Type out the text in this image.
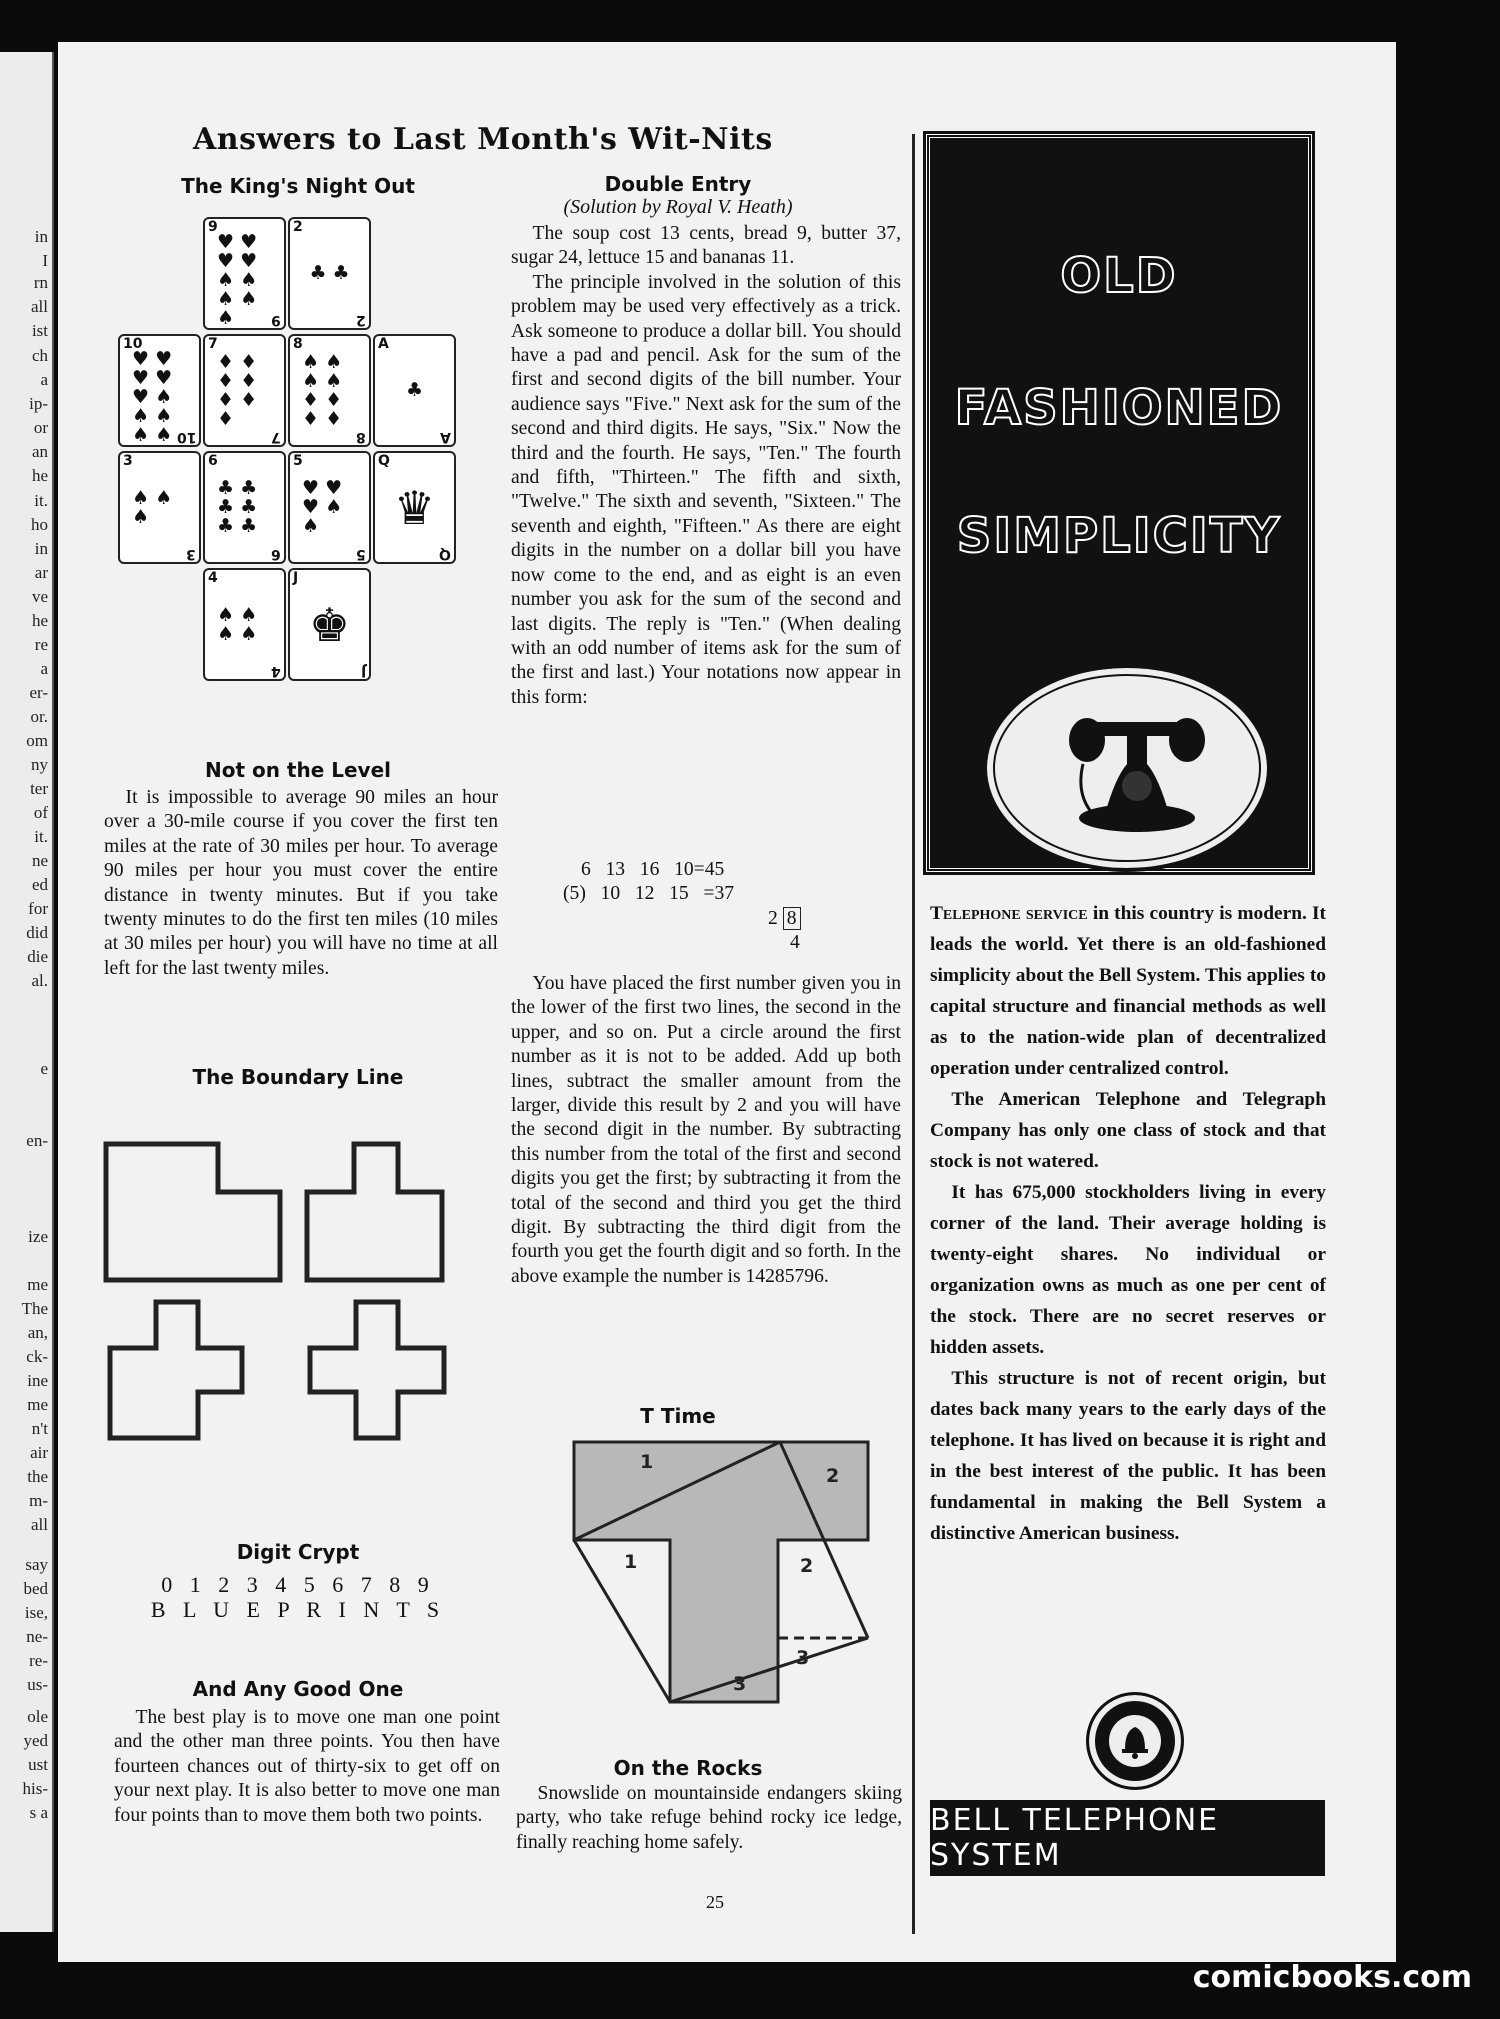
in
I
rn
all
ist
ch
a
ip-
or
an
he
it.
ho
in
ar
ve
he
re
a
er-
or.
om
ny
ter
of
it.
ne
ed
for
did
die
al.
e
en-
ize
me
The
an,
ck-
ine
me
n't
air
the
m-
all
say
bed
ise,
ne-
re-
us-
ole
yed
ust
his-
s a
Answers to Last Month's Wit-Nits
The King's Night Out
9
9
♥ ♥ ♥ ♥ ♠ ♠ ♠ ♠ ♠
2
2
♣ ♣
10
10
♥ ♥ ♥ ♥ ♥ ♠ ♠ ♠ ♠ ♠
7
7
♦ ♦ ♦ ♦ ♦ ♦ ♦
8
8
♠ ♠ ♠ ♠ ♦ ♦ ♦ ♦
A
A
♣
3
3
♠ ♠ ♠
6
6
♣ ♣ ♣ ♣ ♣ ♣
5
5
♥ ♥ ♥ ♠ ♠
Q
Q
♛
4
4
♠ ♠ ♠ ♠
J
J
♚
Not on the Level

It is impossible to average 90 miles an hour over a 30-mile course if you cover the first ten miles at the rate of 30 miles per hour. To average 90 miles per hour you must cover the entire distance in twenty minutes. But if you take twenty minutes to do the first ten miles (10 miles at 30 miles per hour) you will have no time at all left for the last twenty miles.

The Boundary Line
Digit Crypt
0 1 2 3 4 5 6 7 8 9
B L U E P R I N T S
And Any Good One

The best play is to move one man one point and the other man three points. You then have fourteen chances out of thirty-six to get off on your next play. It is also better to move one man four points than to move them both two points.

Double Entry
(Solution by Royal V. Heath)

The soup cost 13 cents, bread 9, butter 37, sugar 24, lettuce 15 and bananas 11.

The principle involved in the solution of this problem may be used very effectively as a trick. Ask someone to produce a dollar bill. You should have a pad and pencil. Ask for the sum of the first and second digits of the bill number. Your audience says "Five." Next ask for the sum of the second and third digits. He says, "Six." Now the third and the fourth. He says, "Ten." The fourth and fifth, "Thirteen." The fifth and sixth, "Twelve." The sixth and seventh, "Sixteen." The seventh and eighth, "Fifteen." As there are eight digits in the number on a dollar bill you have now come to the end, and as eight is an even number you ask for the sum of the second and last digits. The reply is "Ten." (When dealing with an odd number of items ask for the sum of the first and last.) Your notations now appear in this form:

6   13   16   10=45
(5)   10   12   15   =37
2 8
4

You have placed the first number given you in the lower of the first two lines, the second in the upper, and so on. Put a circle around the first number as it is not to be added. Add up both lines, subtract the smaller amount from the larger, divide this result by 2 and you will have the second digit in the number. By subtracting this number from the total of the first and second digits you get the first; by subtracting it from the total of the second and third you get the third digit. By subtracting the third digit from the fourth you get the fourth digit and so forth. In the above example the number is 14285796.

T Time
1
2
1	2
3
3
On the Rocks

Snowslide on mountainside endangers skiing party, who take refuge behind rocky ice ledge, finally reaching home safely.

OLD
FASHIONED
SIMPLICITY

Telephone service in this country is modern. It leads the world. Yet there is an old-fashioned simplicity about the Bell System. This applies to capital structure and financial methods as well as to the nation-wide plan of decentralized operation under centralized control.

The American Telephone and Telegraph Company has only one class of stock and that stock is not watered.

It has 675,000 stockholders living in every corner of the land. Their average holding is twenty-eight shares. No individual or organization owns as much as one per cent of the stock. There are no secret reserves or hidden assets.

This structure is not of recent origin, but dates back many years to the early days of the telephone. It has lived on because it is right and in the best interest of the public. It has been fundamental in making the Bell System a distinctive American business.

BELL TELEPHONE SYSTEM
25
comicbooks.com
